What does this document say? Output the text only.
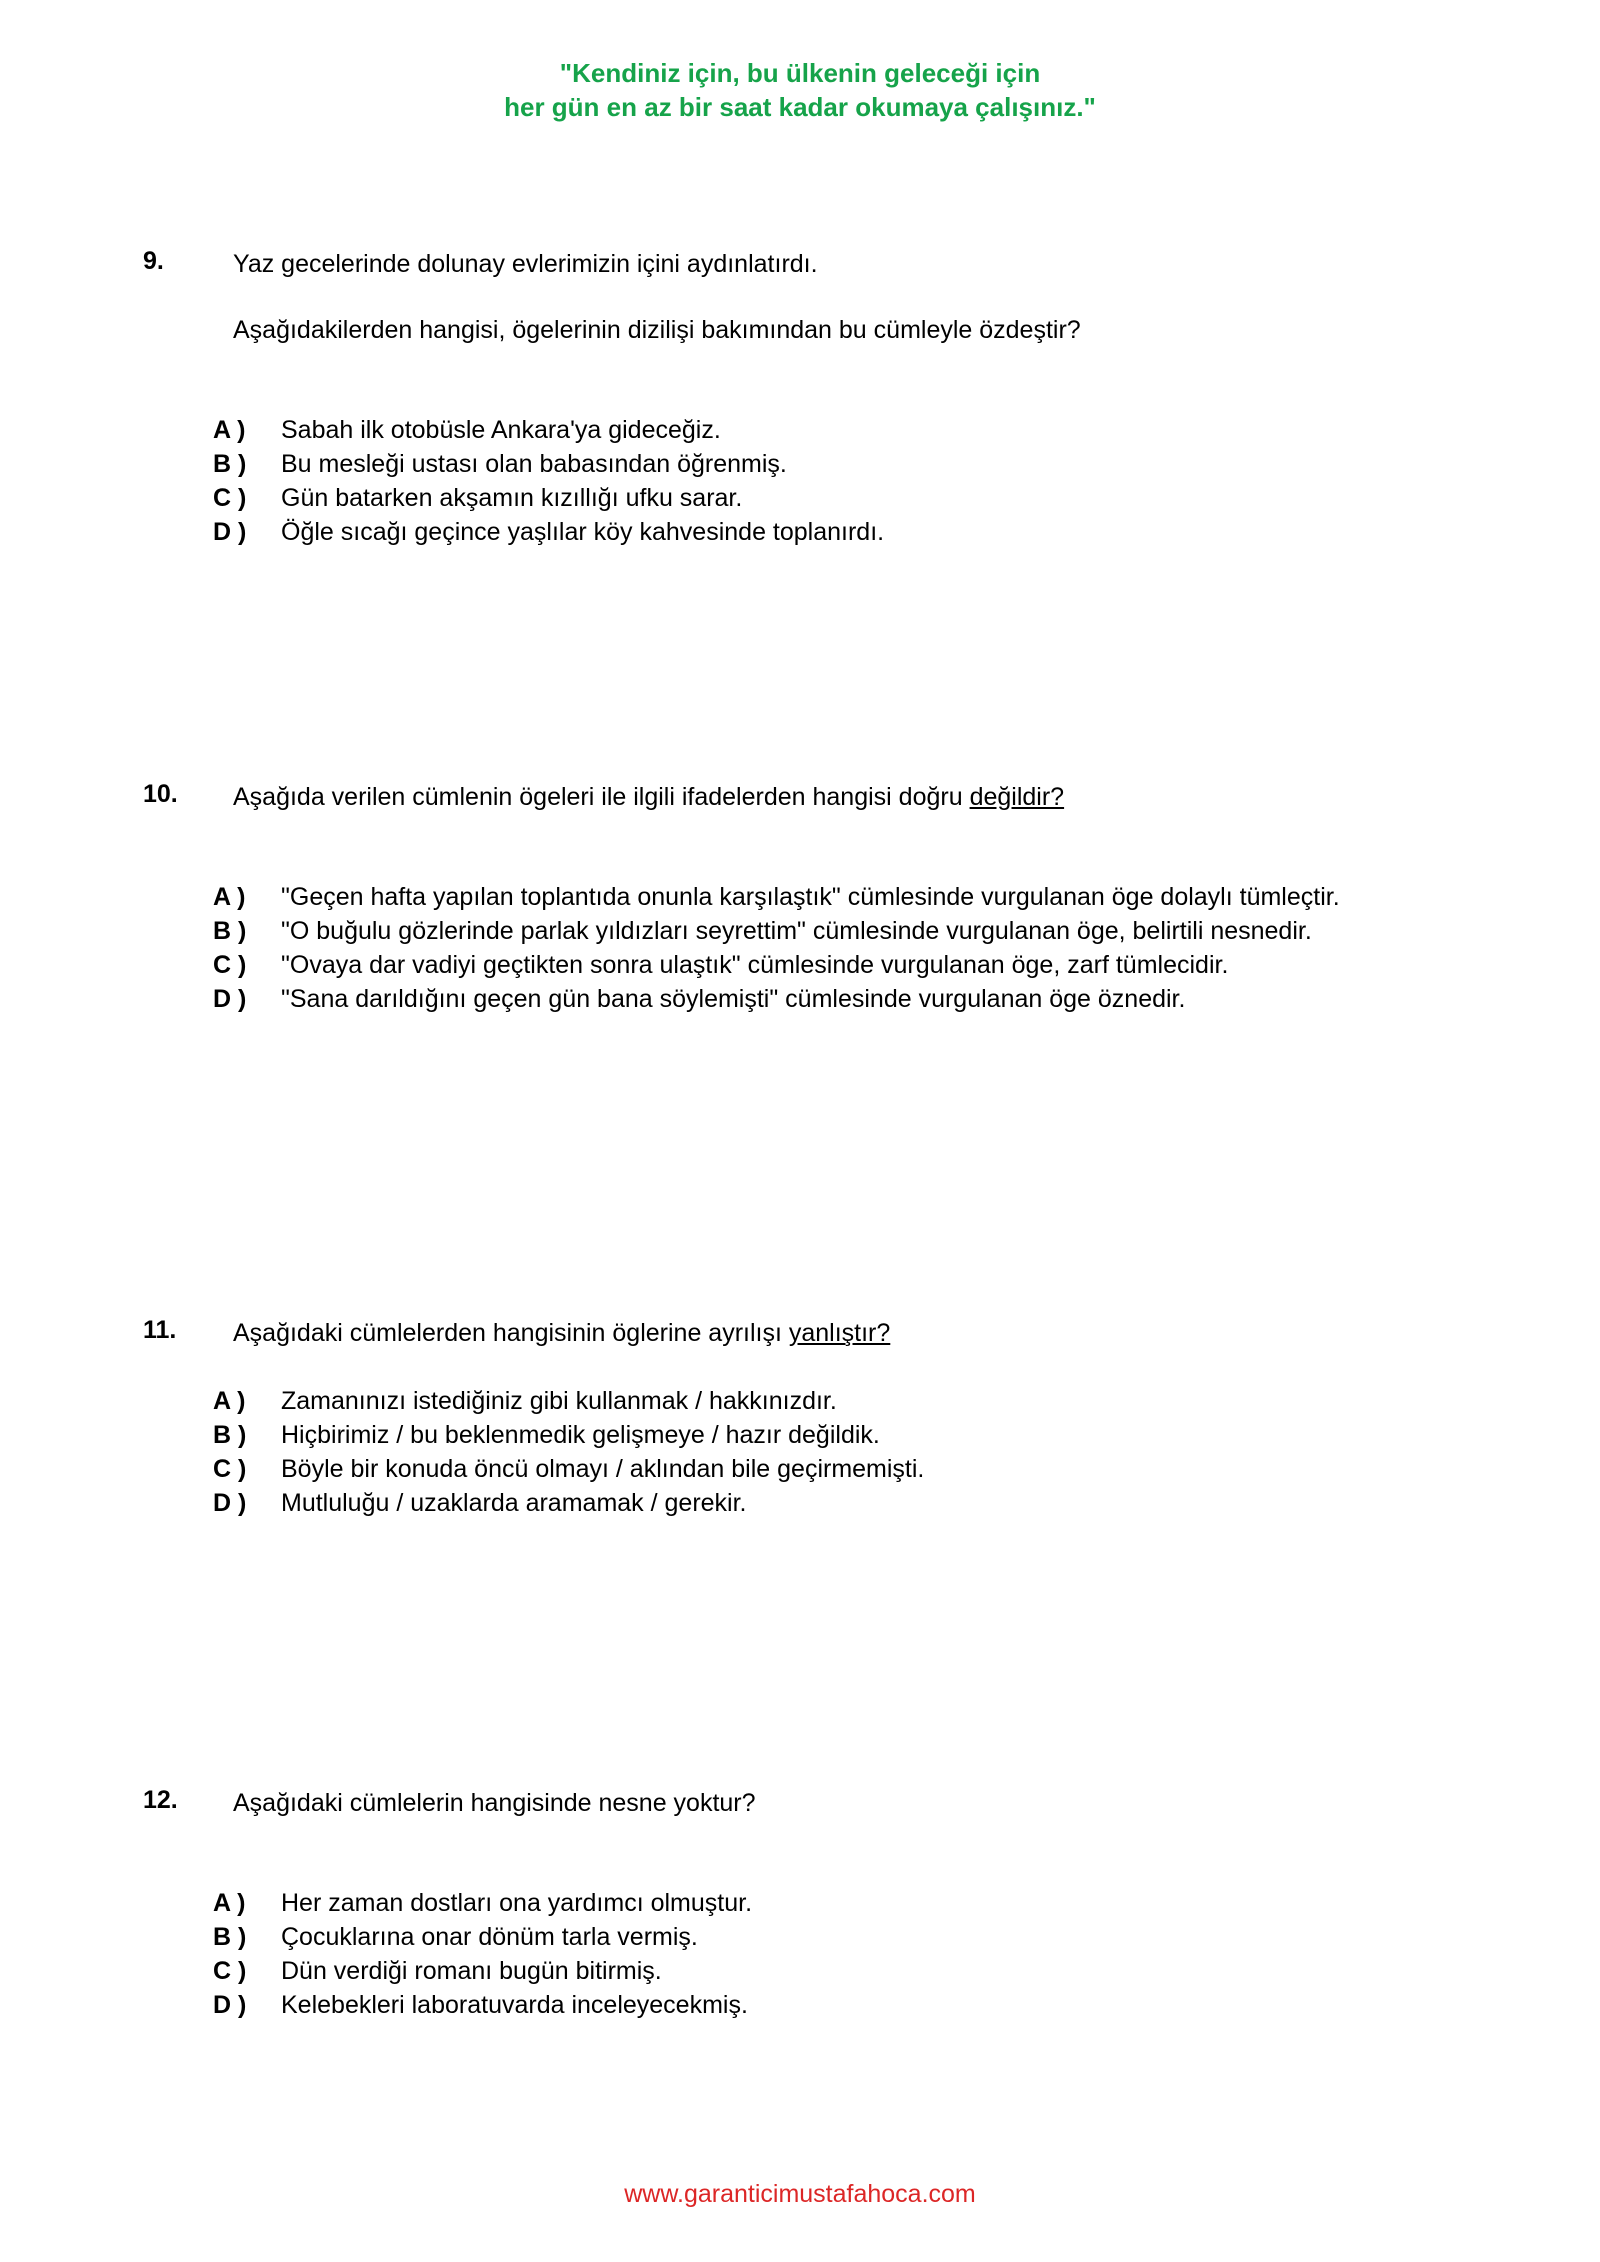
"Kendiniz için, bu ülkenin geleceği için
her gün en az bir saat kadar okumaya çalışınız."
9.	Yaz gecelerinde dolunay evlerimizin içini aydınlatırdı.
Aşağıdakilerden hangisi, ögelerinin dizilişi bakımından bu cümleyle özdeştir?
A ) Sabah ilk otobüsle Ankara'ya gideceğiz.
B ) Bu mesleği ustası olan babasından öğrenmiş.
C ) Gün batarken akşamın kızıllığı ufku sarar.
D ) Öğle sıcağı geçince yaşlılar köy kahvesinde toplanırdı.
10. Aşağıda verilen cümlenin ögeleri ile ilgili ifadelerden hangisi doğru değildir?
A ) "Geçen hafta yapılan toplantıda onunla karşılaştık" cümlesinde vurgulanan öge dolaylı tümleçtir.
B ) "O buğulu gözlerinde parlak yıldızları seyrettim" cümlesinde vurgulanan öge, belirtili nesnedir.
C ) "Ovaya dar vadiyi geçtikten sonra ulaştık" cümlesinde vurgulanan öge, zarf tümlecidir.
D ) "Sana darıldığını geçen gün bana söylemişti" cümlesinde vurgulanan öge öznedir.
11. Aşağıdaki cümlelerden hangisinin öglerine ayrılışı yanlıştır?
A ) Zamanınızı istediğiniz gibi kullanmak / hakkınızdır.
B ) Hiçbirimiz / bu beklenmedik gelişmeye / hazır değildik.
C ) Böyle bir konuda öncü olmayı / aklından bile geçirmemişti.
D ) Mutluluğu / uzaklarda aramamak / gerekir.
12. Aşağıdaki cümlelerin hangisinde nesne yoktur?
A ) Her zaman dostları ona yardımcı olmuştur.
B ) Çocuklarına onar dönüm tarla vermiş.
C ) Dün verdiği romanı bugün bitirmiş.
D ) Kelebekleri laboratuvarda inceleyecekmiş.
www.garanticimustafahoca.com
